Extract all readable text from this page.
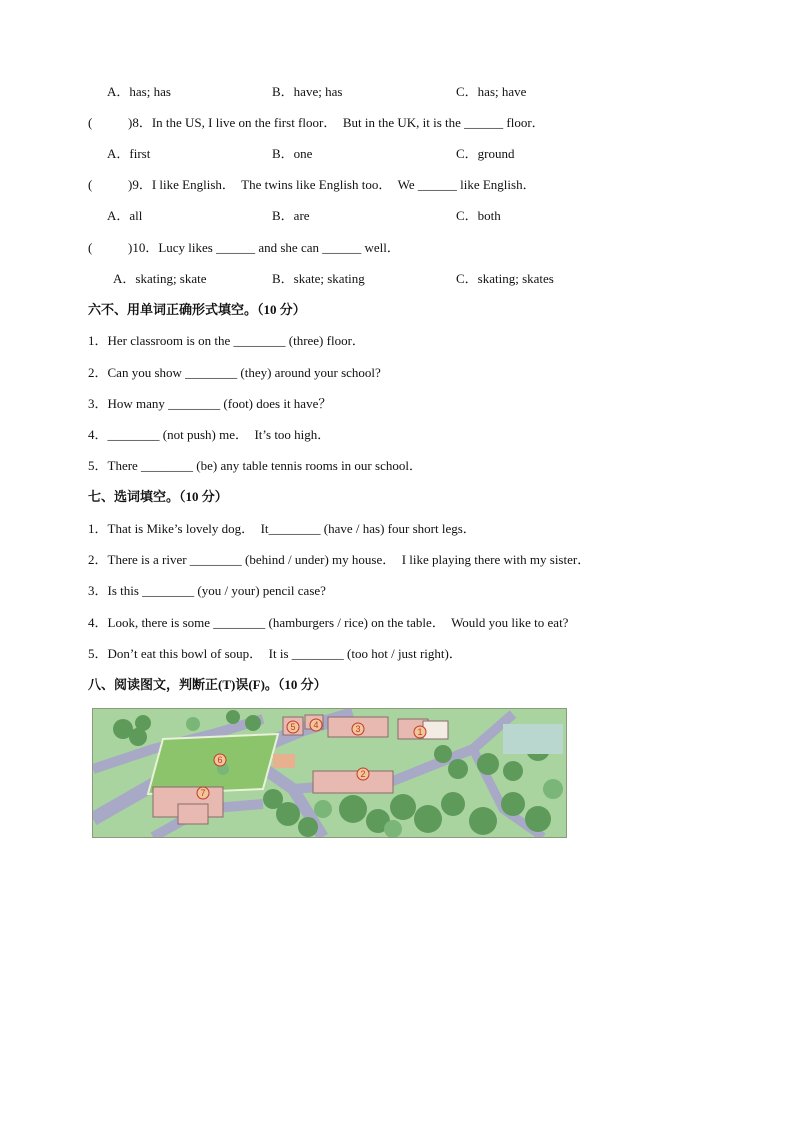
A．has; has	B．have; has	C．has; have
(	)8．In the US, I live on the first floor．  But in the UK, it is the ______ floor．
A．first	B．one	C．ground
(	)9．I like English．  The twins like English too．  We ______ like English．
A．all	B．are	C．both
(	)10．Lucy likes ______ and she can ______ well．
A．skating; skate	B．skate; skating	C．skating; skates
六不、用单词正确形式填空。（10 分）
1．Her classroom is on the ________ (three) floor．
2．Can you show ________ (they) around your school?
3．How many ________ (foot) does it have？
4．________ (not push) me．  It’s too high．
5．There ________ (be) any table tennis rooms in our school．
七、选词填空。（10 分）
1．That is Mike’s lovely dog．  It________ (have / has) four short legs．
2．There is a river ________ (behind / under) my house．  I like playing there with my sister．
3．Is this ________ (you / your) pencil case?
4．Look, there is some ________ (hamburgers / rice) on the table．  Would you like to eat?
5．Don’t eat this bowl of soup．  It is ________ (too hot / just right)．
八、阅读图文，判断正(T)误(F)。（10 分）
1
2
3
4
5
6
7
